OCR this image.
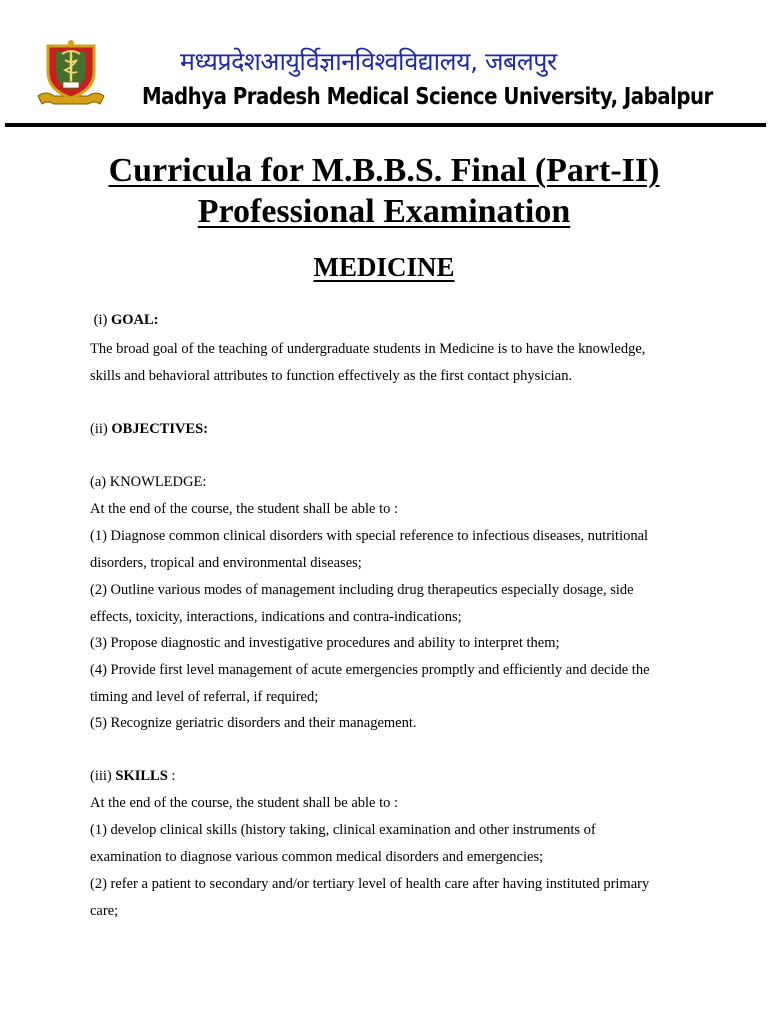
मध्यप्रदेशआयुर्विज्ञानविश्वविद्यालय, जबलपुर
Madhya Pradesh Medical Science University, Jabalpur
Curricula for M.B.B.S. Final (Part-II)
Professional Examination
MEDICINE
(i) GOAL:
The broad goal of the teaching of undergraduate students in Medicine is to have the knowledge,
skills and behavioral attributes to function effectively as the first contact physician.
(ii) OBJECTIVES:
(a) KNOWLEDGE:
At the end of the course, the student shall be able to :
(1) Diagnose common clinical disorders with special reference to infectious diseases, nutritional
disorders, tropical and environmental diseases;
(2) Outline various modes of management including drug therapeutics especially dosage, side
effects, toxicity, interactions, indications and contra-indications;
(3) Propose diagnostic and investigative procedures and ability to interpret them;
(4) Provide first level management of acute emergencies promptly and efficiently and decide the
timing and level of referral, if required;
(5) Recognize geriatric disorders and their management.
(iii) SKILLS :
At the end of the course, the student shall be able to :
(1) develop clinical skills (history taking, clinical examination and other instruments of
examination to diagnose various common medical disorders and emergencies;
(2) refer a patient to secondary and/or tertiary level of health care after having instituted primary
care;
